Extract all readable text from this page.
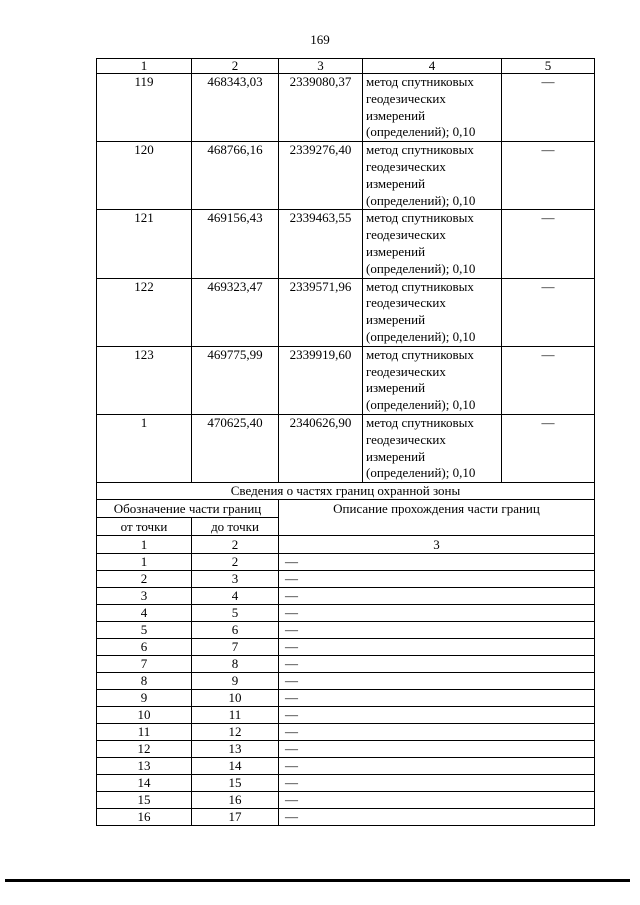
169
1	2	3	4	5
119	468343,03	2339080,37	метод спутниковых
геодезических
измерений
(определений); 0,10	—
120	468766,16	2339276,40	метод спутниковых
геодезических
измерений
(определений); 0,10	—
121	469156,43	2339463,55	метод спутниковых
геодезических
измерений
(определений); 0,10	—
122	469323,47	2339571,96	метод спутниковых
геодезических
измерений
(определений); 0,10	—
123	469775,99	2339919,60	метод спутниковых
геодезических
измерений
(определений); 0,10	—
1	470625,40	2340626,90	метод спутниковых
геодезических
измерений
(определений); 0,10	—
Сведения о частях границ охранной зоны				
Обозначение части границ		Описание прохождения части границ		
от точки	до точки			
1	2	3		
1	2	—		
2	3	—		
3	4	—		
4	5	—		
5	6	—		
6	7	—		
7	8	—		
8	9	—		
9	10	—		
10	11	—		
11	12	—		
12	13	—		
13	14	—		
14	15	—		
15	16	—		
16	17	—		
